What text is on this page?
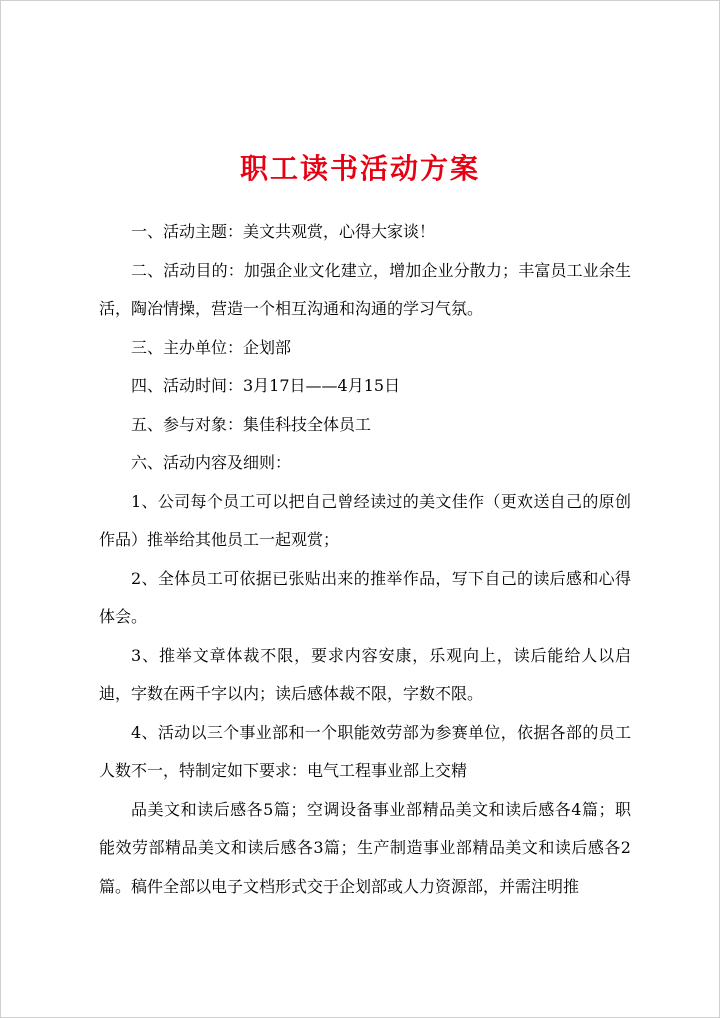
职工读书活动方案

一、活动主题：美文共观赏，心得大家谈！

二、活动目的：加强企业文化建立，增加企业分散力；丰富员工业余生活，陶冶情操，营造一个相互沟通和沟通的学习气氛。

三、主办单位：企划部

四、活动时间：3月17日——4月15日

五、参与对象：集佳科技全体员工

六、活动内容及细则：

1、公司每个员工可以把自己曾经读过的美文佳作（更欢送自己的原创作品）推举给其他员工一起观赏；

2、全体员工可依据已张贴出来的推举作品，写下自己的读后感和心得体会。

3、推举文章体裁不限，要求内容安康，乐观向上，读后能给人以启迪，字数在两千字以内；读后感体裁不限，字数不限。

4、活动以三个事业部和一个职能效劳部为参赛单位，依据各部的员工人数不一，特制定如下要求：电气工程事业部上交精

品美文和读后感各5篇；空调设备事业部精品美文和读后感各4篇；职能效劳部精品美文和读后感各3篇；生产制造事业部精品美文和读后感各2篇。稿件全部以电子文档形式交于企划部或人力资源部，并需注明推
